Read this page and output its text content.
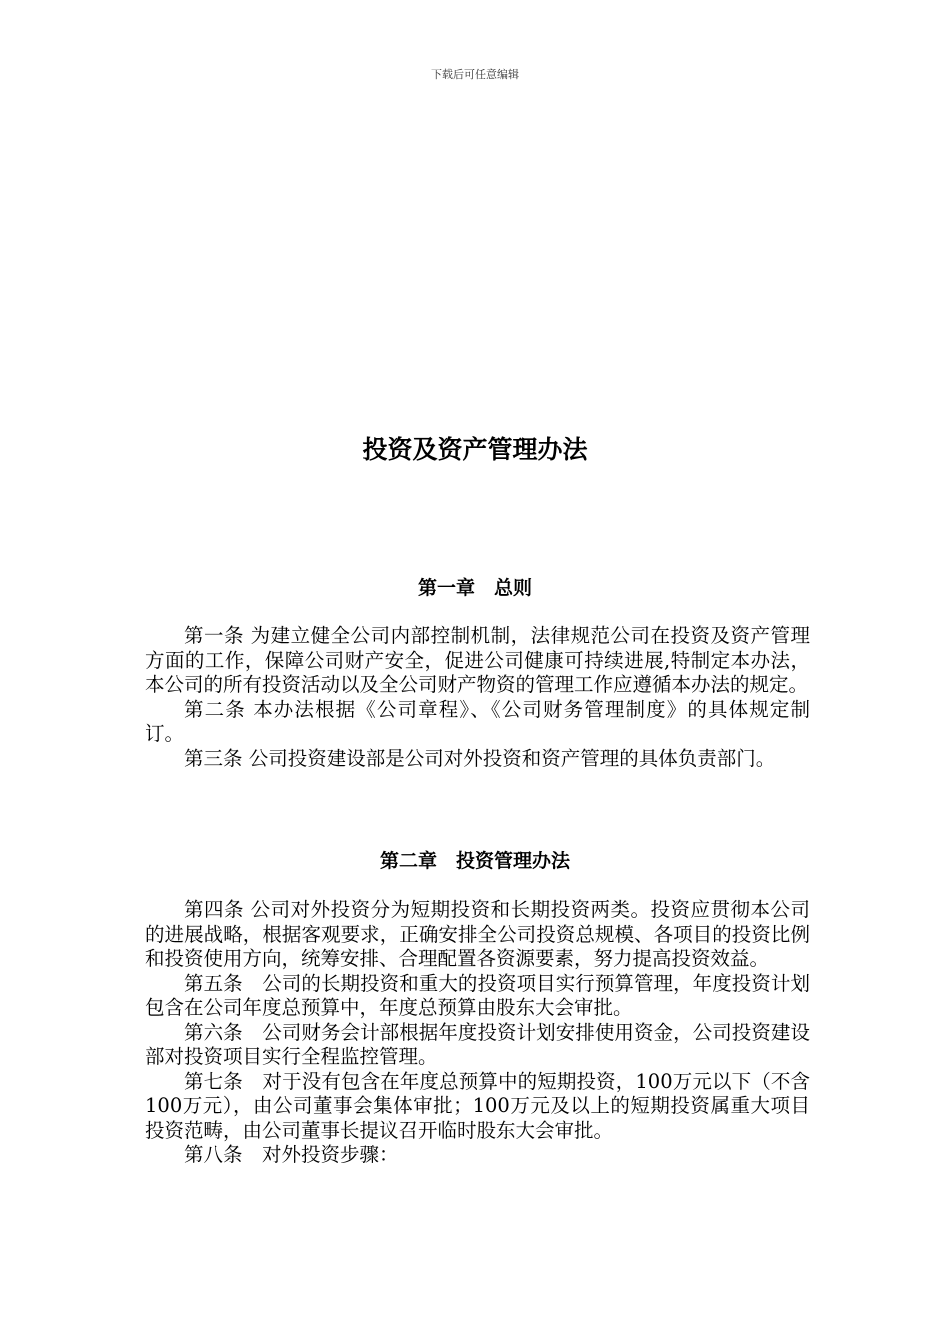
下载后可任意编辑
投资及资产管理办法
第一章　总则

第一条 为建立健全公司内部控制机制，法律规范公司在投资及资产管理方面的工作，保障公司财产安全，促进公司健康可持续进展,特制定本办法，本公司的所有投资活动以及全公司财产物资的管理工作应遵循本办法的规定。

第二条 本办法根据《公司章程》、《公司财务管理制度》的具体规定制订。

第三条 公司投资建设部是公司对外投资和资产管理的具体负责部门。

第二章　投资管理办法

第四条 公司对外投资分为短期投资和长期投资两类。投资应贯彻本公司的进展战略，根据客观要求，正确安排全公司投资总规模、各项目的投资比例和投资使用方向，统筹安排、合理配置各资源要素，努力提高投资效益。

第五条　公司的长期投资和重大的投资项目实行预算管理，年度投资计划包含在公司年度总预算中，年度总预算由股东大会审批。

第六条　公司财务会计部根据年度投资计划安排使用资金，公司投资建设部对投资项目实行全程监控管理。

第七条　对于没有包含在年度总预算中的短期投资，100万元以下（不含100万元），由公司董事会集体审批；100万元及以上的短期投资属重大项目投资范畴，由公司董事长提议召开临时股东大会审批。

第八条　对外投资步骤：
